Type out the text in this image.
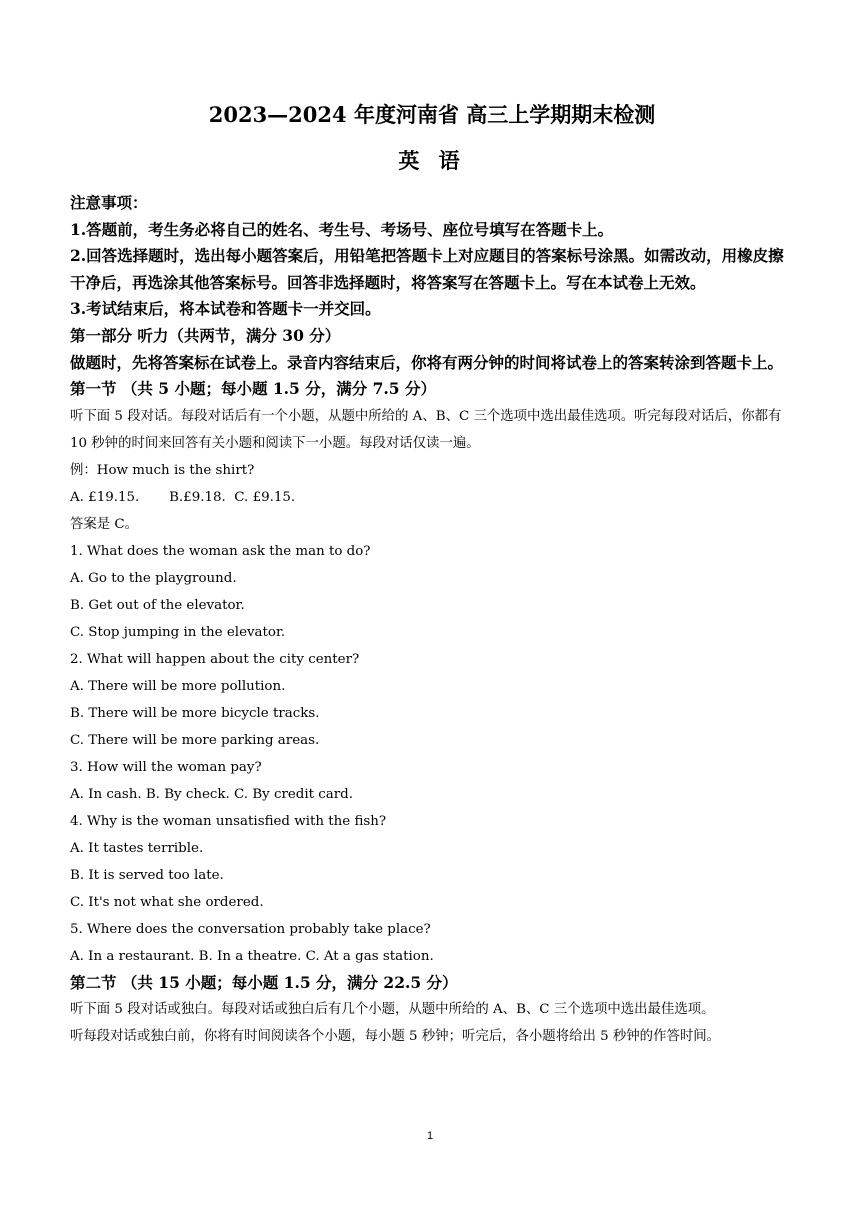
2023—2024 年度河南省 高三上学期期末检测
英 语

注意事项：

1.答题前，考生务必将自己的姓名、考生号、考场号、座位号填写在答题卡上。

2.回答选择题时，选出每小题答案后，用铅笔把答题卡上对应题目的答案标号涂黑。如需改动，用橡皮擦干净后，再选涂其他答案标号。回答非选择题时，将答案写在答题卡上。写在本试卷上无效。

3.考试结束后，将本试卷和答题卡一并交回。

第一部分 听力（共两节，满分 30 分）

做题时，先将答案标在试卷上。录音内容结束后，你将有两分钟的时间将试卷上的答案转涂到答题卡上。

第一节 （共 5 小题；每小题 1.5 分，满分 7.5 分）

听下面 5 段对话。每段对话后有一个小题，从题中所给的 A、B、C 三个选项中选出最佳选项。听完每段对话后，你都有 10 秒钟的时间来回答有关小题和阅读下一小题。每段对话仅读一遍。

例：How much is the shirt?

A. £19.15.       B.£9.18.  C. £9.15.

答案是 C。

1. What does the woman ask the man to do?

A. Go to the playground.

B. Get out of the elevator.

C. Stop jumping in the elevator.

2. What will happen about the city center?

A. There will be more pollution.

B. There will be more bicycle tracks.

C. There will be more parking areas.

3. How will the woman pay?

A. In cash. B. By check. C. By credit card.

4. Why is the woman unsatisfied with the fish?

A. It tastes terrible.

B. It is served too late.

C. It's not what she ordered.

5. Where does the conversation probably take place?

A. In a restaurant. B. In a theatre. C. At a gas station.

第二节 （共 15 小题；每小题 1.5 分，满分 22.5 分）

听下面 5 段对话或独白。每段对话或独白后有几个小题，从题中所给的 A、B、C 三个选项中选出最佳选项。

听每段对话或独白前，你将有时间阅读各个小题，每小题 5 秒钟；听完后，各小题将给出 5 秒钟的作答时间。

1
